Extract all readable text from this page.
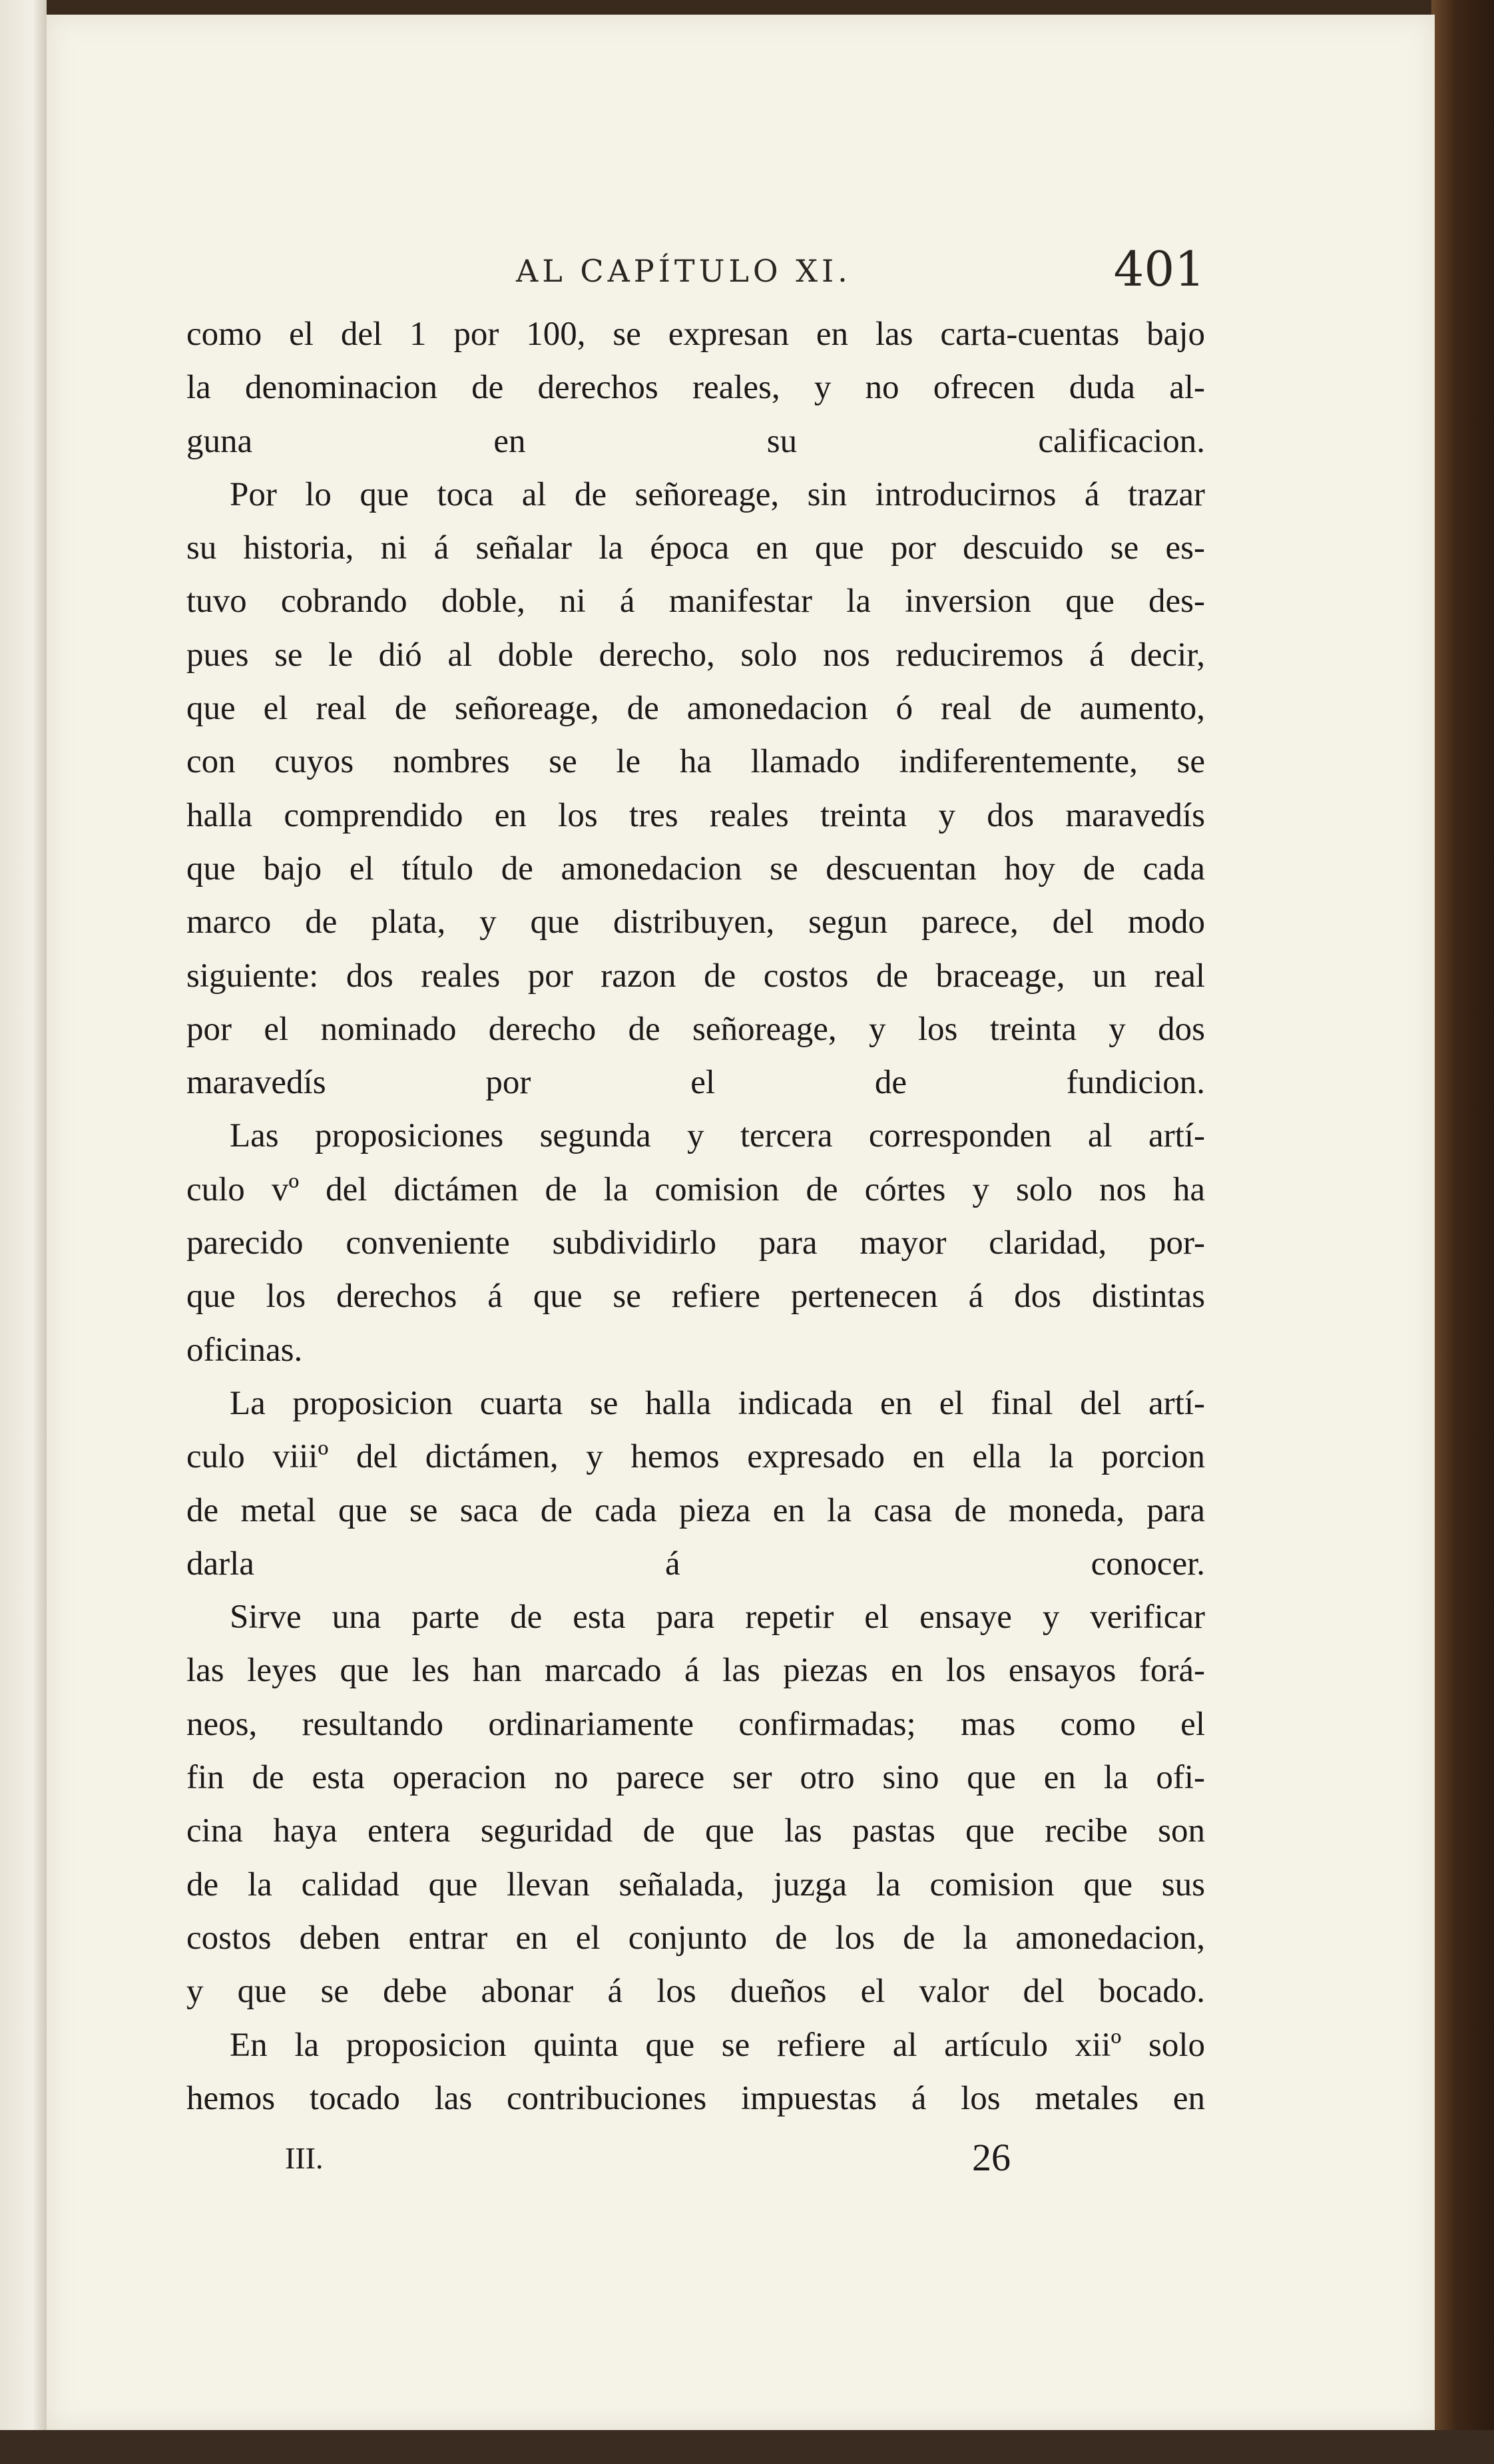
AL CAPÍTULO XI.	401

como el del 1 por 100, se expresan en las carta-cuentas bajo
la denominacion de derechos reales, y no ofrecen duda al-
guna en su calificacion.

Por lo que toca al de señoreage, sin introducirnos á trazar
su historia, ni á señalar la época en que por descuido se es-
tuvo cobrando doble, ni á manifestar la inversion que des-
pues se le dió al doble derecho, solo nos reduciremos á decir,
que el real de señoreage, de amonedacion ó real de aumento,
con cuyos nombres se le ha llamado indiferentemente, se
halla comprendido en los tres reales treinta y dos maravedís
que bajo el título de amonedacion se descuentan hoy de cada
marco de plata, y que distribuyen, segun parece, del modo
siguiente: dos reales por razon de costos de braceage, un real
por el nominado derecho de señoreage, y los treinta y dos
maravedís por el de fundicion.

Las proposiciones segunda y tercera corresponden al artí-
culo vº del dictámen de la comision de córtes y solo nos ha
parecido conveniente subdividirlo para mayor claridad, por-
que los derechos á que se refiere pertenecen á dos distintas
oficinas.

La proposicion cuarta se halla indicada en el final del artí-
culo viiiº del dictámen, y hemos expresado en ella la porcion
de metal que se saca de cada pieza en la casa de moneda, para
darla á conocer.

Sirve una parte de esta para repetir el ensaye y verificar
las leyes que les han marcado á las piezas en los ensayos forá-
neos, resultando ordinariamente confirmadas; mas como el
fin de esta operacion no parece ser otro sino que en la ofi-
cina haya entera seguridad de que las pastas que recibe son
de la calidad que llevan señalada, juzga la comision que sus
costos deben entrar en el conjunto de los de la amonedacion,
y que se debe abonar á los dueños el valor del bocado.

En la proposicion quinta que se refiere al artículo xiiº solo
hemos tocado las contribuciones impuestas á los metales en

III.	26
